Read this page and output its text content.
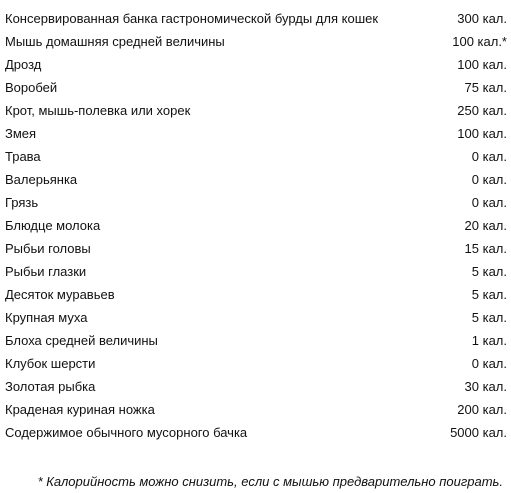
Консервированная банка гастрономической бурды для кошек	300 кал.

Мышь домашняя средней величины	100 кал.*

Дрозд	100 кал.

Воробей	75 кал.

Крот, мышь-полевка или хорек	250 кал.

Змея	100 кал.

Трава	0 кал.

Валерьянка	0 кал.

Грязь	0 кал.

Блюдце молока	20 кал.

Рыбьи головы	15 кал.

Рыбьи глазки	5 кал.

Десяток муравьев	5 кал.

Крупная муха	5 кал.

Блоха средней величины	1 кал.

Клубок шерсти	0 кал.

Золотая рыбка	30 кал.

Краденая куриная ножка	200 кал.

Содержимое обычного мусорного бачка	5000 кал.
* Калорийность можно снизить, если с мышью предварительно поиграть.
